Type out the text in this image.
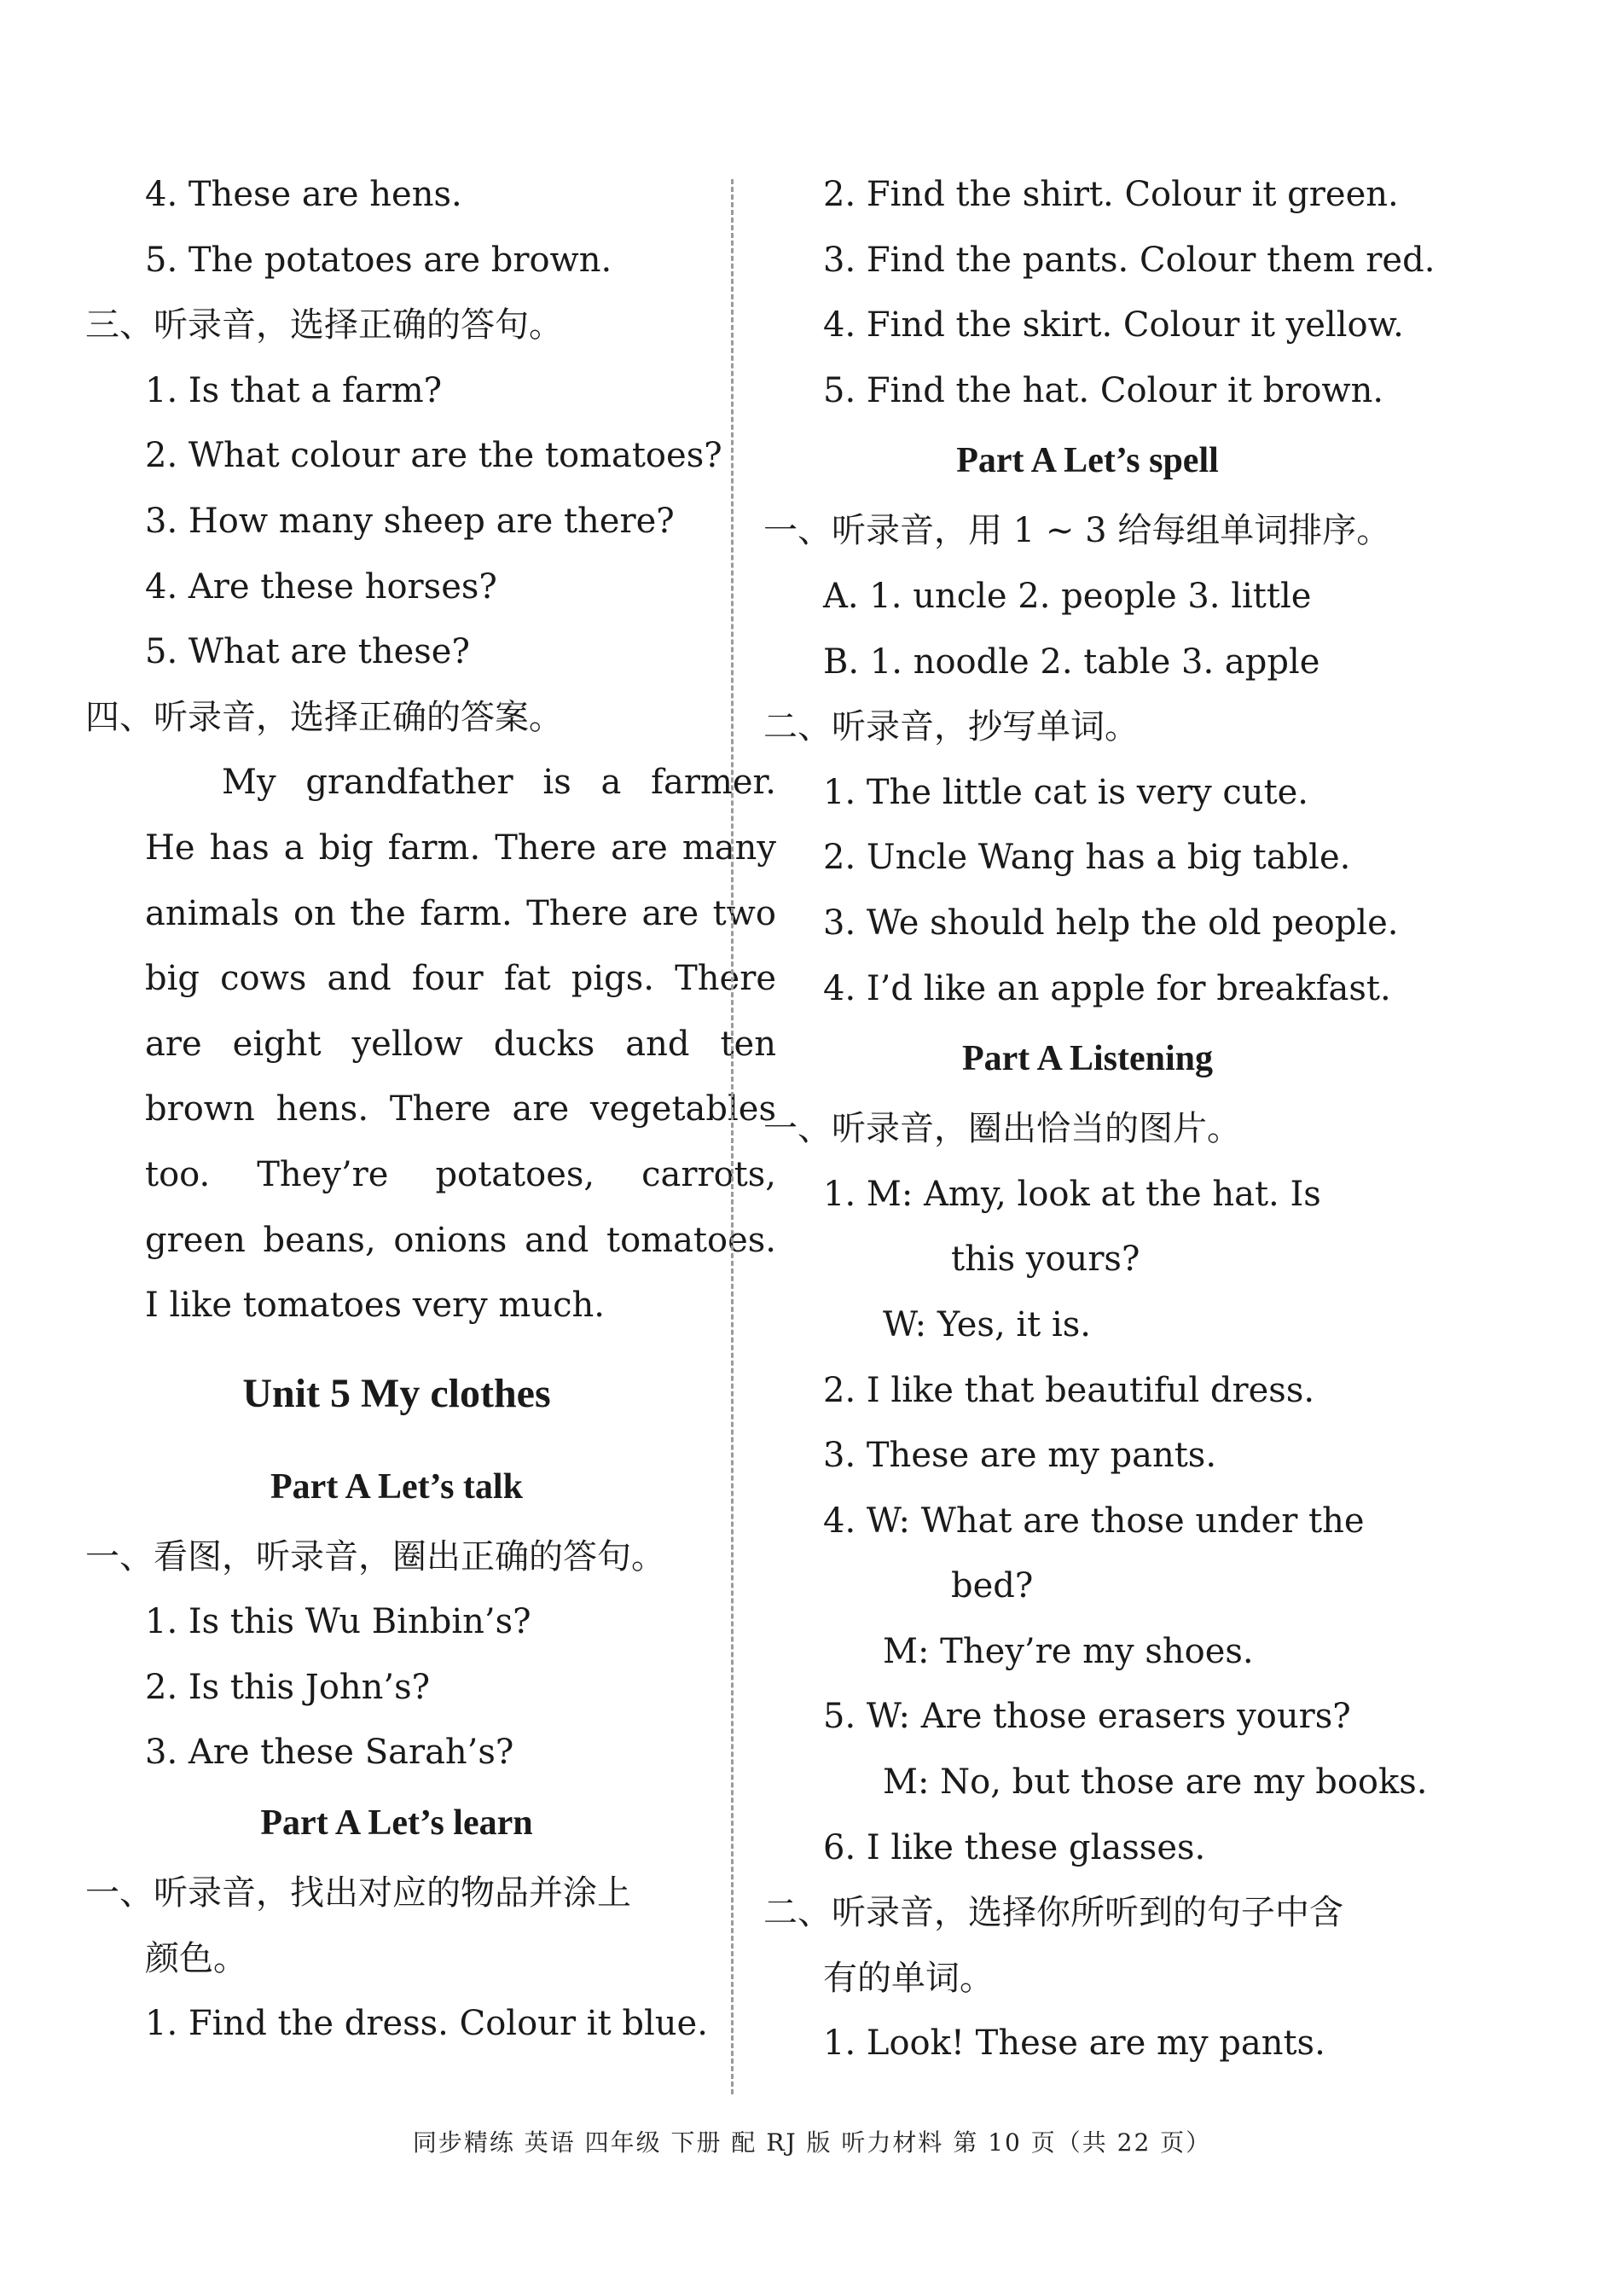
4. These are hens.
5. The potatoes are brown.
三、听录音，选择正确的答句。
1. Is that a farm?
2. What colour are the tomatoes?
3. How many sheep are there?
4. Are these horses?
5. What are these?
四、听录音，选择正确的答案。
My grandfather is a farmer.
He has a big farm. There are many
animals on the farm. There are two
big cows and four fat pigs. There
are eight yellow ducks and ten
brown hens. There are vegetables
too. They’re potatoes, carrots,
green beans, onions and tomatoes.
I like tomatoes very much.
Unit 5 My clothes
Part A Let’s talk
一、看图，听录音，圈出正确的答句。
1. Is this Wu Binbin’s?
2. Is this John’s?
3. Are these Sarah’s?
Part A Let’s learn
一、听录音，找出对应的物品并涂上
颜色。
1. Find the dress. Colour it blue.
2. Find the shirt. Colour it green.
3. Find the pants. Colour them red.
4. Find the skirt. Colour it yellow.
5. Find the hat. Colour it brown.
Part A Let’s spell
一、听录音，用 1 ~ 3 给每组单词排序。
A. 1. uncle 2. people 3. little
B. 1. noodle 2. table 3. apple
二、听录音，抄写单词。
1. The little cat is very cute.
2. Uncle Wang has a big table.
3. We should help the old people.
4. I’d like an apple for breakfast.
Part A Listening
一、听录音，圈出恰当的图片。
1. M: Amy, look at the hat. Is
this yours?
W: Yes, it is.
2. I like that beautiful dress.
3. These are my pants.
4. W: What are those under the
bed?
M: They’re my shoes.
5. W: Are those erasers yours?
M: No, but those are my books.
6. I like these glasses.
二、听录音，选择你所听到的句子中含
有的单词。
1. Look! These are my pants.
同步精练 英语 四年级 下册 配 RJ 版 听力材料 第 10 页（共 22 页）
